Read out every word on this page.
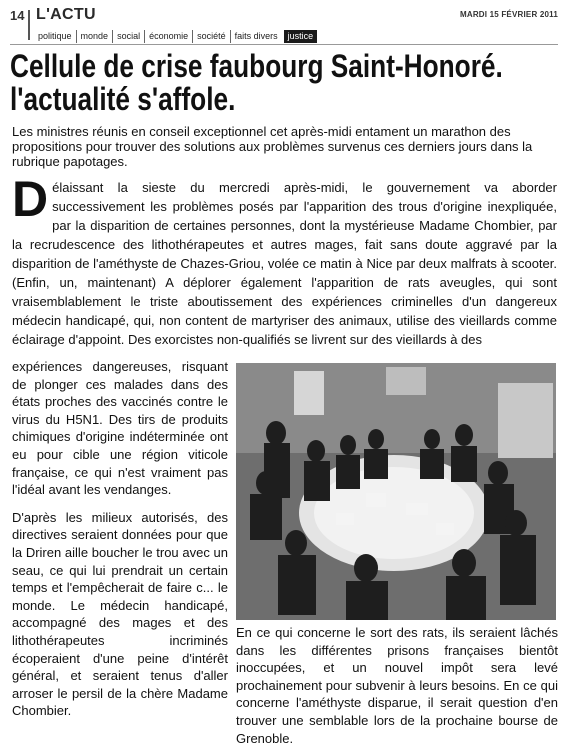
14 L'ACTU	MARDI 15 FÉVRIER 2011
politique	monde	social	économie	société	faits divers	justice
Cellule de crise faubourg Saint-Honoré.
l'actualité s'affole.
Les ministres réunis en conseil exceptionnel cet après-midi entament un marathon des propositions pour trouver des solutions aux problèmes survenus ces derniers jours dans la rubrique papotages.
Délaissant la sieste du mercredi après-midi, le gouvernement va aborder successivement les problèmes posés par l'apparition des trous d'origine inexpliquée, par la disparition de certaines personnes, dont la mystérieuse Madame Chombier, par la recrudescence des lithothérapeutes et autres mages, fait sans doute aggravé par la disparition de l'améthyste de Chazes-Griou, volée ce matin à Nice par deux malfrats à scooter. (Enfin, un, maintenant) A déplorer également l'apparition de rats aveugles, qui sont vraisemblablement le triste aboutissement des expériences criminelles d'un dangereux médecin handicapé, qui, non content de martyriser des animaux, utilise des vieillards comme éclairage d'appoint. Des exorcistes non-qualifiés se livrent sur des vieillards à des

expériences dangereuses, risquant de plonger ces malades dans des états proches des vaccinés contre le virus du H5N1. Des tirs de produits chimiques d'origine indéterminée ont eu pour cible une région viticole française, ce qui n'est vraiment pas l'idéal avant les vendanges.

D'après les milieux autorisés, des directives seraient données pour que la Driren aille boucher le trou avec un seau, ce qui lui prendrait un certain temps et l'empêcherait de faire c... le monde. Le médecin handicapé, accompagné des mages et des lithothérapeutes incriminés écoperaient d'une peine d'intérêt général, et seraient tenus d'aller arroser le persil de la chère Madame Chombier.

En ce qui concerne le sort des rats, ils seraient lâchés dans les différentes prisons françaises bientôt inoccupées, et un nouvel impôt sera levé prochainement pour subvenir à leurs besoins. En ce qui concerne l'améthyste disparue, il serait question d'en trouver une semblable lors de la prochaine bourse de Grenoble.
